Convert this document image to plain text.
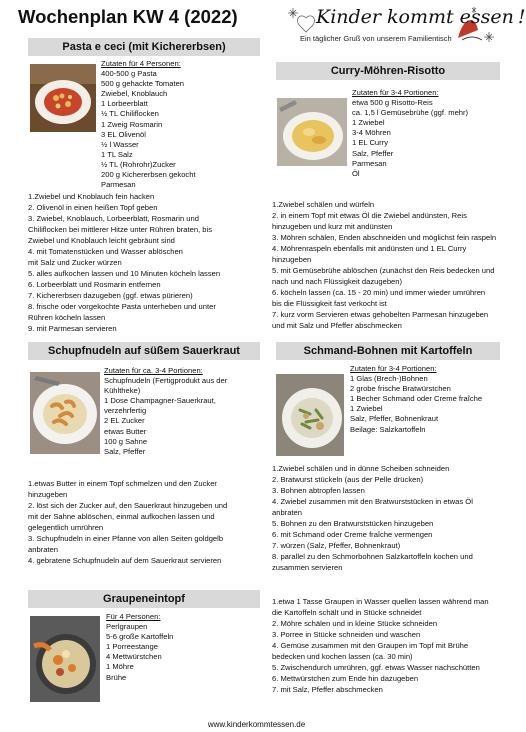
Wochenplan KW 4 (2022)	Kinder kommt essen !
Ein täglicher Gruß von unserem Familientisch
Pasta e ceci (mit Kichererbsen)
Zutaten für 4 Personen:
400-500 g Pasta
500 g gehackte Tomaten
Zwiebel, Knoblauch
1 Lorbeerblatt
½ TL Chiliflocken
1 Zweig Rosmarin
3 EL Olivenöl
½ l Wasser
1 TL Salz
½ TL (Rohrohr)Zucker
200 g Kichererbsen gekocht
Parmesan
1.Zwiebel und Knoblauch fein hacken
2. Olivenöl in einen heißen Topf geben
3. Zwiebel, Knoblauch, Lorbeerblatt, Rosmarin und
Chiliflocken bei mittlerer Hitze unter Rühren braten, bis
Zwiebel und Knoblauch leicht gebräunt sind
4. mit Tomatenstücken und Wasser ablöschen
mit Salz und Zucker würzen
5. alles aufkochen lassen und 10 Minuten köcheln lassen
6. Lorbeerblatt und Rosmarin entfernen
7. Kichererbsen dazugeben (ggf. etwas pürieren)
8. frische oder vorgekochte Pasta unterheben und unter
Rühren köcheln lassen
9. mit Parmesan servieren
Curry-Möhren-Risotto
Zutaten für 3-4 Portionen:
etwa 500 g Risotto-Reis
ca. 1,5 l Gemüsebrühe (ggf. mehr)
1 Zwiebel
3-4 Möhren
1 EL Curry
Salz, Pfeffer
Parmesan
Öl
1.Zwiebel schälen und würfeln
2. in einem Topf mit etwas Öl die Zwiebel andünsten, Reis
hinzugeben und kurz mit andünsten
3. Möhren schälen, Enden abschneiden und möglichst fein raspeln
4. Möhrenraspeln ebenfalls mit andünsten und 1 EL Curry
hinzugeben
5. mit Gemüsebrühe ablöschen (zunächst den Reis bedecken und
nach und nach Flüssigkeit dazugeben)
6. köcheln lassen (ca. 15 - 20 min) und immer wieder umrühren
bis die Flüssigkeit fast verkocht ist
7. kurz vorm Servieren etwas gehobelten Parmesan hinzugeben
und mit Salz und Pfeffer abschmecken
Schupfnudeln auf süßem Sauerkraut
Zutaten für ca. 3-4 Portionen:
Schupfnudeln (Fertigprodukt aus der
Kühltheke)
1 Dose Champagner-Sauerkraut,
verzehrfertig
2 EL Zucker
etwas Butter
100 g Sahne
Salz, Pfeffer
1.etwas Butter in einem Topf schmelzen und den Zucker
hinzugeben
2. löst sich der Zucker auf, den Sauerkraut hinzugeben und
mit der Sahne ablöschen, einmal aufkochen lassen und
gelegentlich umrühren
3. Schupfnudeln in einer Pfanne von allen Seiten goldgelb
anbraten
4. gebratene Schupfnudeln auf dem Sauerkraut servieren
Schmand-Bohnen mit Kartoffeln
Zutaten für 3-4 Portionen:
1 Glas (Brech-)Bohnen
2 grobe frische Bratwürstchen
1 Becher Schmand oder Creme fraîche
1 Zwiebel
Salz, Pfeffer, Bohnenkraut
Beilage: Salzkartoffeln
1.Zwiebel schälen und in dünne Scheiben schneiden
2. Bratwurst stückeln (aus der Pelle drücken)
3. Bohnen abtropfen lassen
4. Zwiebel zusammen mit den Bratwurststücken in etwas Öl
anbraten
5. Bohnen zu den Bratwurststücken hinzugeben
6. mit Schmand oder Creme fraîche vermengen
7. würzen (Salz, Pfeffer, Bohnenkraut)
8. parallel zu den Schmorbohnen Salzkartoffeln kochen und
zusammen servieren
Graupeneintopf
Für 4 Personen:
Perlgraupen
5-6 große Kartoffeln
1 Porreestange
4 Mettwürstchen
1 Möhre
Brühe
1.etwa 1 Tasse Graupen in Wasser quellen lassen während man
die Kartoffeln schält und in Stücke schneidet
2. Möhre schälen und in kleine Stücke schneiden
3. Porree in Stücke schneiden und waschen
4. Gemüse zusammen mit den Graupen im Topf mit Brühe
bedecken und kochen lassen (ca. 30 min)
5. Zwischendurch umrühren, ggf. etwas Wasser nachschütten
6. Mettwürstchen zum Ende hin dazugeben
7. mit Salz, Pfeffer abschmecken
www.kinderkommtessen.de
